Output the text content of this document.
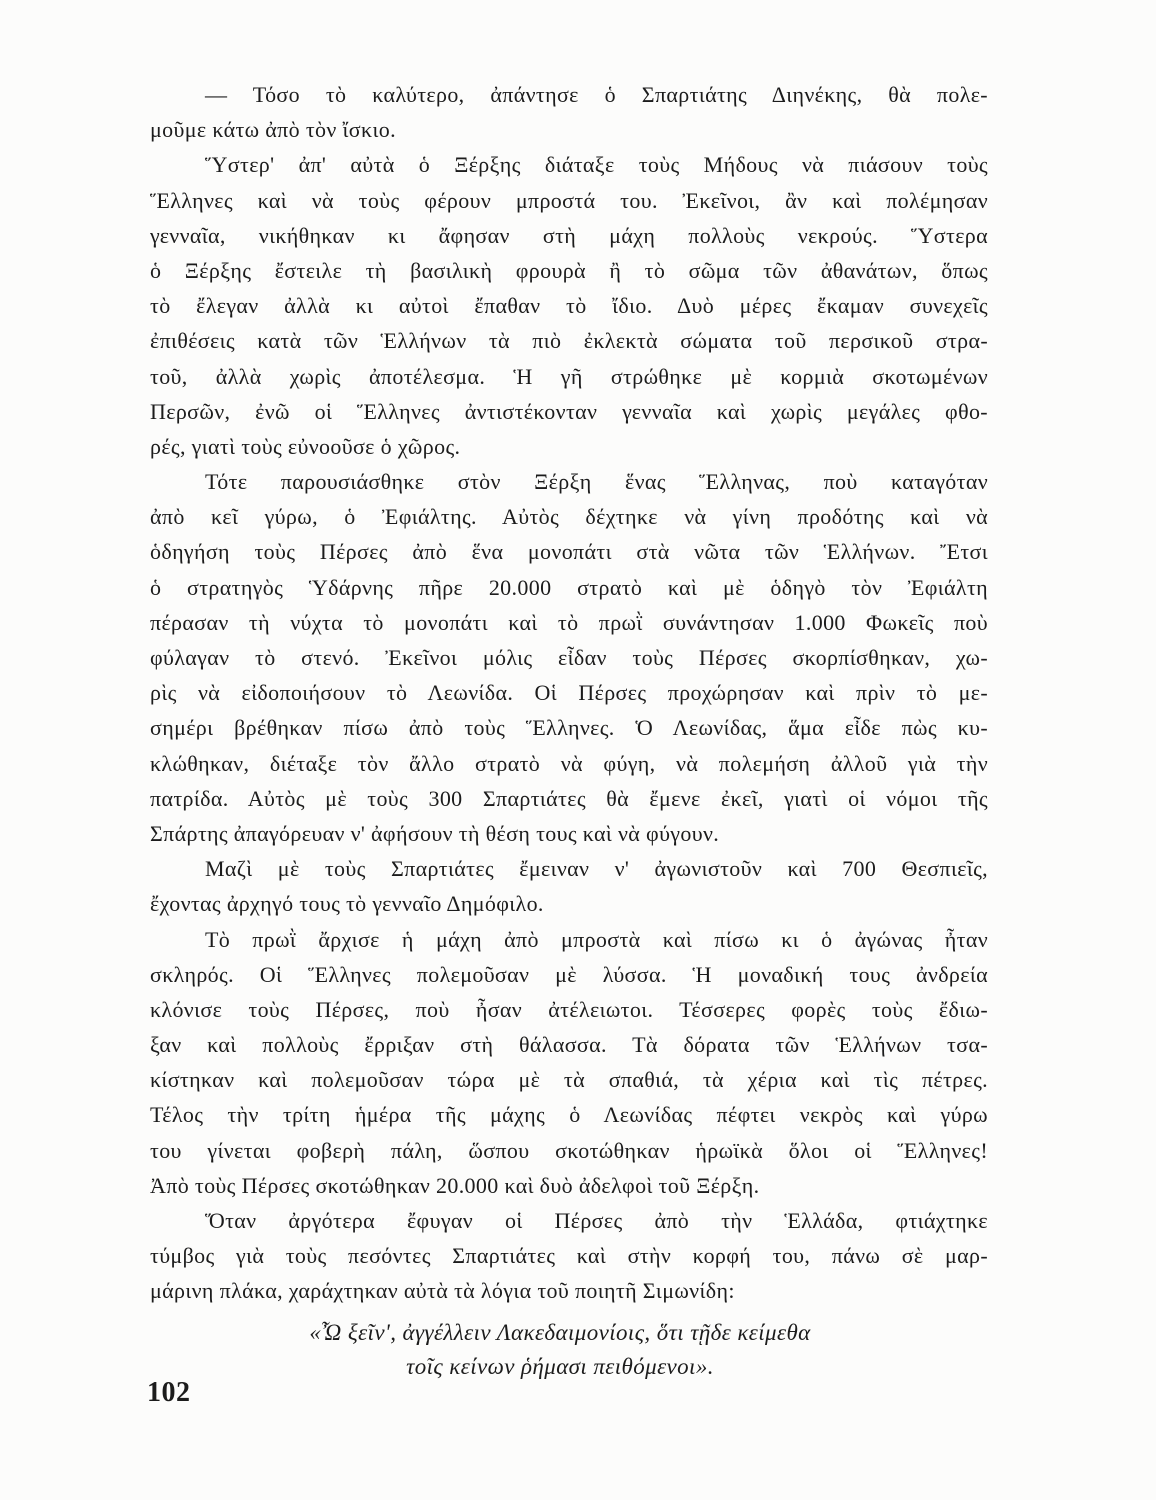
— Τόσο τὸ καλύτερο, ἀπάντησε ὁ Σπαρτιάτης Διηνέκης, θὰ πολε-
μοῦμε κάτω ἀπὸ τὸν ἴσκιο.
Ὕστερ' ἀπ' αὐτὰ ὁ Ξέρξης διάταξε τοὺς Μήδους νὰ πιάσουν τοὺς
Ἕλληνες καὶ νὰ τοὺς φέρουν μπροστά του. Ἐκεῖνοι, ἂν καὶ πολέμησαν
γενναῖα, νικήθηκαν κι ἄφησαν στὴ μάχη πολλοὺς νεκρούς. Ὕστερα
ὁ Ξέρξης ἔστειλε τὴ βασιλικὴ φρουρὰ ἢ τὸ σῶμα τῶν ἀθανάτων, ὅπως
τὸ ἔλεγαν ἀλλὰ κι αὐτοὶ ἔπαθαν τὸ ἴδιο. Δυὸ μέρες ἔκαμαν συνεχεῖς
ἐπιθέσεις κατὰ τῶν Ἑλλήνων τὰ πιὸ ἐκλεκτὰ σώματα τοῦ περσικοῦ στρα-
τοῦ, ἀλλὰ χωρὶς ἀποτέλεσμα. Ἡ γῆ στρώθηκε μὲ κορμιὰ σκοτωμένων
Περσῶν, ἐνῶ οἱ Ἕλληνες ἀντιστέκονταν γενναῖα καὶ χωρὶς μεγάλες φθο-
ρές, γιατὶ τοὺς εὐνοοῦσε ὁ χῶρος.
Τότε παρουσιάσθηκε στὸν Ξέρξη ἕνας Ἕλληνας, ποὺ καταγόταν
ἀπὸ κεῖ γύρω, ὁ Ἐφιάλτης. Αὐτὸς δέχτηκε νὰ γίνη προδότης καὶ νὰ
ὁδηγήση τοὺς Πέρσες ἀπὸ ἕνα μονοπάτι στὰ νῶτα τῶν Ἑλλήνων. Ἔτσι
ὁ στρατηγὸς Ὑδάρνης πῆρε 20.000 στρατὸ καὶ μὲ ὁδηγὸ τὸν Ἐφιάλτη
πέρασαν τὴ νύχτα τὸ μονοπάτι καὶ τὸ πρωῒ συνάντησαν 1.000 Φωκεῖς ποὺ
φύλαγαν τὸ στενό. Ἐκεῖνοι μόλις εἶδαν τοὺς Πέρσες σκορπίσθηκαν, χω-
ρὶς νὰ εἰδοποιήσουν τὸ Λεωνίδα. Οἱ Πέρσες προχώρησαν καὶ πρὶν τὸ με-
σημέρι βρέθηκαν πίσω ἀπὸ τοὺς Ἕλληνες. Ὁ Λεωνίδας, ἅμα εἶδε πὼς κυ-
κλώθηκαν, διέταξε τὸν ἄλλο στρατὸ νὰ φύγη, νὰ πολεμήση ἀλλοῦ γιὰ τὴν
πατρίδα. Αὐτὸς μὲ τοὺς 300 Σπαρτιάτες θὰ ἔμενε ἐκεῖ, γιατὶ οἱ νόμοι τῆς
Σπάρτης ἀπαγόρευαν ν' ἀφήσουν τὴ θέση τους καὶ νὰ φύγουν.
Μαζὶ μὲ τοὺς Σπαρτιάτες ἔμειναν ν' ἀγωνιστοῦν καὶ 700 Θεσπιεῖς,
ἔχοντας ἀρχηγό τους τὸ γενναῖο Δημόφιλο.
Τὸ πρωῒ ἄρχισε ἡ μάχη ἀπὸ μπροστὰ καὶ πίσω κι ὁ ἀγώνας ἦταν
σκληρός. Οἱ Ἕλληνες πολεμοῦσαν μὲ λύσσα. Ἡ μοναδική τους ἀνδρεία
κλόνισε τοὺς Πέρσες, ποὺ ἦσαν ἀτέλειωτοι. Τέσσερες φορὲς τοὺς ἔδιω-
ξαν καὶ πολλοὺς ἔρριξαν στὴ θάλασσα. Τὰ δόρατα τῶν Ἑλλήνων τσα-
κίστηκαν καὶ πολεμοῦσαν τώρα μὲ τὰ σπαθιά, τὰ χέρια καὶ τὶς πέτρες.
Τέλος τὴν τρίτη ἡμέρα τῆς μάχης ὁ Λεωνίδας πέφτει νεκρὸς καὶ γύρω
του γίνεται φοβερὴ πάλη, ὥσπου σκοτώθηκαν ἡρωϊκὰ ὅλοι οἱ Ἕλληνες!
Ἀπὸ τοὺς Πέρσες σκοτώθηκαν 20.000 καὶ δυὸ ἀδελφοὶ τοῦ Ξέρξη.
Ὅταν ἀργότερα ἔφυγαν οἱ Πέρσες ἀπὸ τὴν Ἑλλάδα, φτιάχτηκε
τύμβος γιὰ τοὺς πεσόντες Σπαρτιάτες καὶ στὴν κορφή του, πάνω σὲ μαρ-
μάρινη πλάκα, χαράχτηκαν αὐτὰ τὰ λόγια τοῦ ποιητῆ Σιμωνίδη:
«Ὦ ξεῖν', ἀγγέλλειν Λακεδαιμονίοις, ὅτι τῇδε κείμεθα
τοῖς κείνων ῥήμασι πειθόμενοι».
102
